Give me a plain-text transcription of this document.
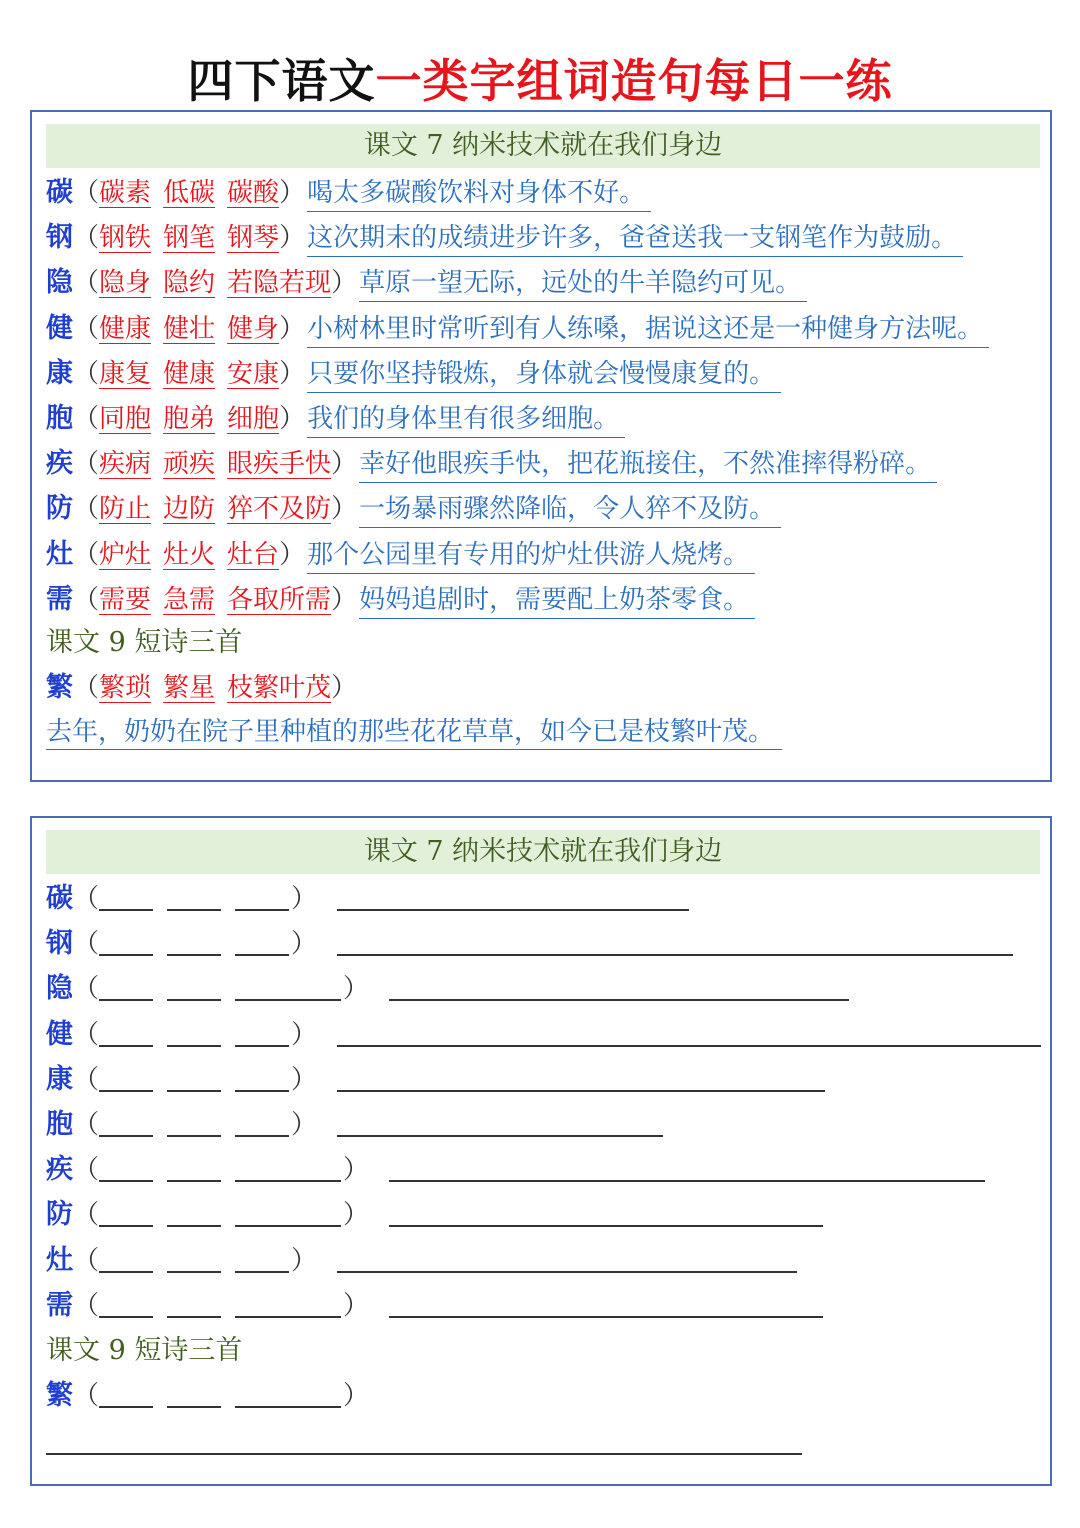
四下语文一类字组词造句每日一练
课文 7 纳米技术就在我们身边
碳（碳素 低碳 碳酸）喝太多碳酸饮料对身体不好。
钢（钢铁 钢笔 钢琴）这次期末的成绩进步许多，爸爸送我一支钢笔作为鼓励。
隐（隐身 隐约 若隐若现）草原一望无际，远处的牛羊隐约可见。
健（健康 健壮 健身）小树林里时常听到有人练嗓，据说这还是一种健身方法呢。
康（康复 健康 安康）只要你坚持锻炼，身体就会慢慢康复的。
胞（同胞 胞弟 细胞）我们的身体里有很多细胞。
疾（疾病 顽疾 眼疾手快）幸好他眼疾手快，把花瓶接住，不然准摔得粉碎。
防（防止 边防 猝不及防）一场暴雨骤然降临，令人猝不及防。
灶（炉灶 灶火 灶台）那个公园里有专用的炉灶供游人烧烤。
需（需要 急需 各取所需）妈妈追剧时，需要配上奶茶零食。
课文 9 短诗三首
繁（繁琐 繁星 枝繁叶茂）
去年，奶奶在院子里种植的那些花花草草，如今已是枝繁叶茂。
课文 7 纳米技术就在我们身边
碳（	）
钢（	）
隐（	）
健（	）
康（	）
胞（	）
疾（	）
防（	）
灶（	）
需（	）
课文 9 短诗三首
繁（	）
